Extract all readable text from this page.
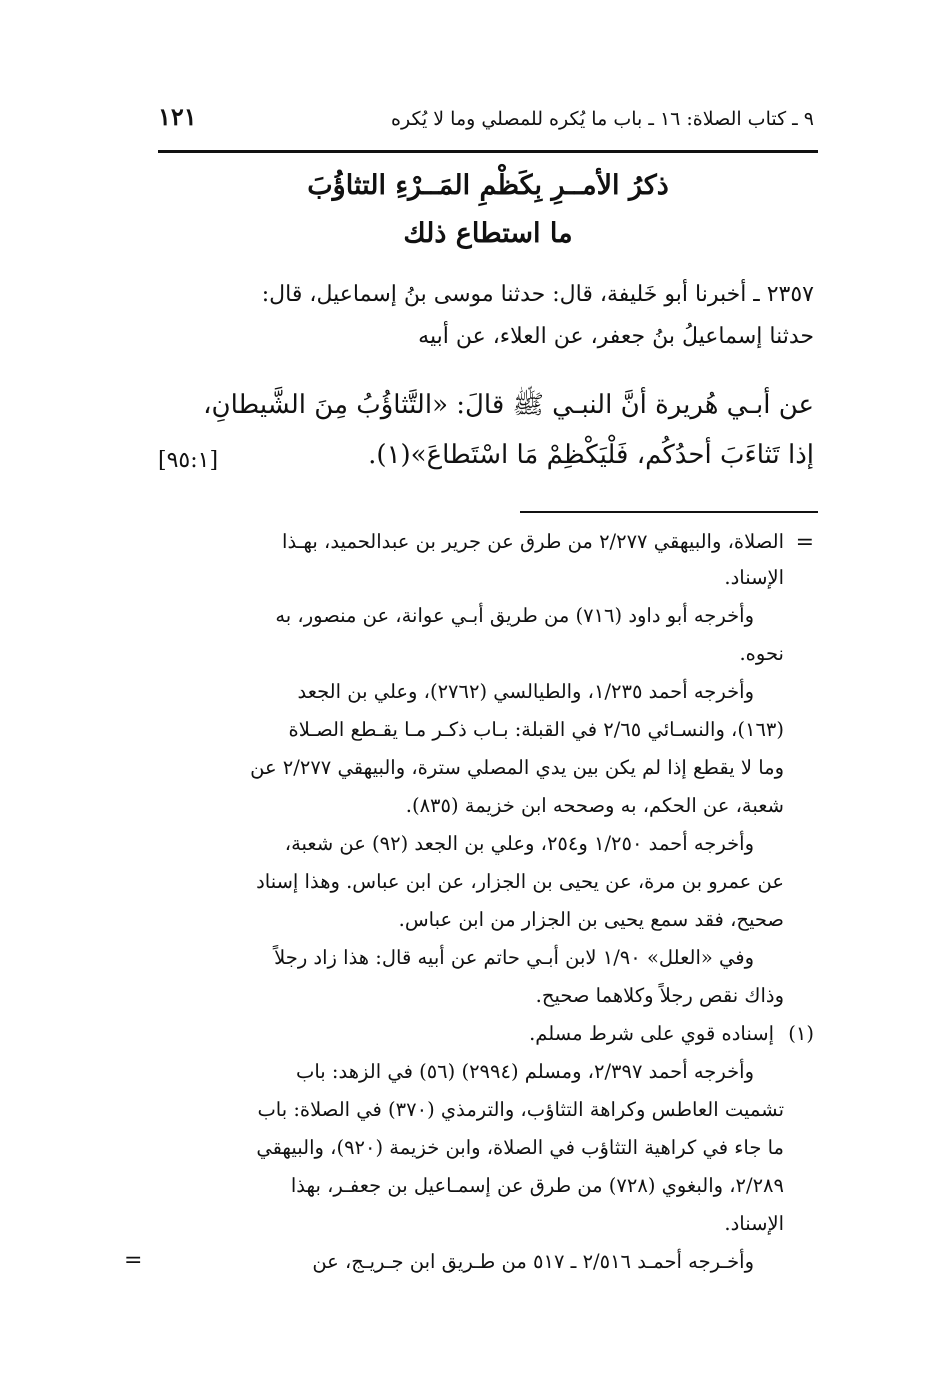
١٢١	٩ ـ كتاب الصلاة: ١٦ ـ باب ما يُكره للمصلي وما لا يُكره
ذكرُ الأمــرِ بِكَظْمِ المَــرْءِ التثاؤُبَ
ما استطاع ذلك
٢٣٥٧ ـ أخبرنا أبو خَليفة، قال: حدثنا موسى بنُ إسماعيل، قال:
حدثنا إسماعيلُ بنُ جعفر، عن العلاء، عن أبيه
عن أبـي هُريرة أنَّ النبـي ﷺ قالَ: «التَّثاؤُبُ مِنَ الشَّيطانِ،
إذا تَثاءَبَ أحدُكُم، فَلْيَكْظِمْ مَا اسْتَطاعَ»(١).
[٩٥:١]
=
الصلاة، والبيهقي ٢/٢٧٧ من طرق عن جرير بن عبدالحميد، بهـذا
الإسناد.
وأخرجه أبو داود (٧١٦) من طريق أبـي عوانة، عن منصور، به
نحوه.
وأخرجه أحمد ١/٢٣٥، والطيالسي (٢٧٦٢)، وعلي بن الجعد
(١٦٣)، والنسـائي ٢/٦٥ في القبلة: بـاب ذكـر مـا يقـطع الصـلاة
وما لا يقطع إذا لم يكن بين يدي المصلي سترة، والبيهقي ٢/٢٧٧ عن
شعبة، عن الحكم، به وصححه ابن خزيمة (٨٣٥).
وأخرجه أحمد ١/٢٥٠ و٢٥٤، وعلي بن الجعد (٩٢) عن شعبة،
عن عمرو بن مرة، عن يحيى بن الجزار، عن ابن عباس. وهذا إسناد
صحيح، فقد سمع يحيى بن الجزار من ابن عباس.
وفي «العلل» ١/٩٠ لابن أبـي حاتم عن أبيه قال: هذا زاد رجلاً
وذاك نقص رجلاً وكلاهما صحيح.
(١)
إسناده قوي على شرط مسلم.
وأخرجه أحمد ٢/٣٩٧، ومسلم (٢٩٩٤) (٥٦) في الزهد: باب
تشميت العاطس وكراهة التثاؤب، والترمذي (٣٧٠) في الصلاة: باب
ما جاء في كراهية التثاؤب في الصلاة، وابن خزيمة (٩٢٠)، والبيهقي
٢/٢٨٩، والبغوي (٧٢٨) من طرق عن إسمـاعيل بن جعفـر، بهذا
الإسناد.
وأخـرجه أحمـد ٢/٥١٦ ـ ٥١٧ من طـريق ابن جـريـج، عن
=
